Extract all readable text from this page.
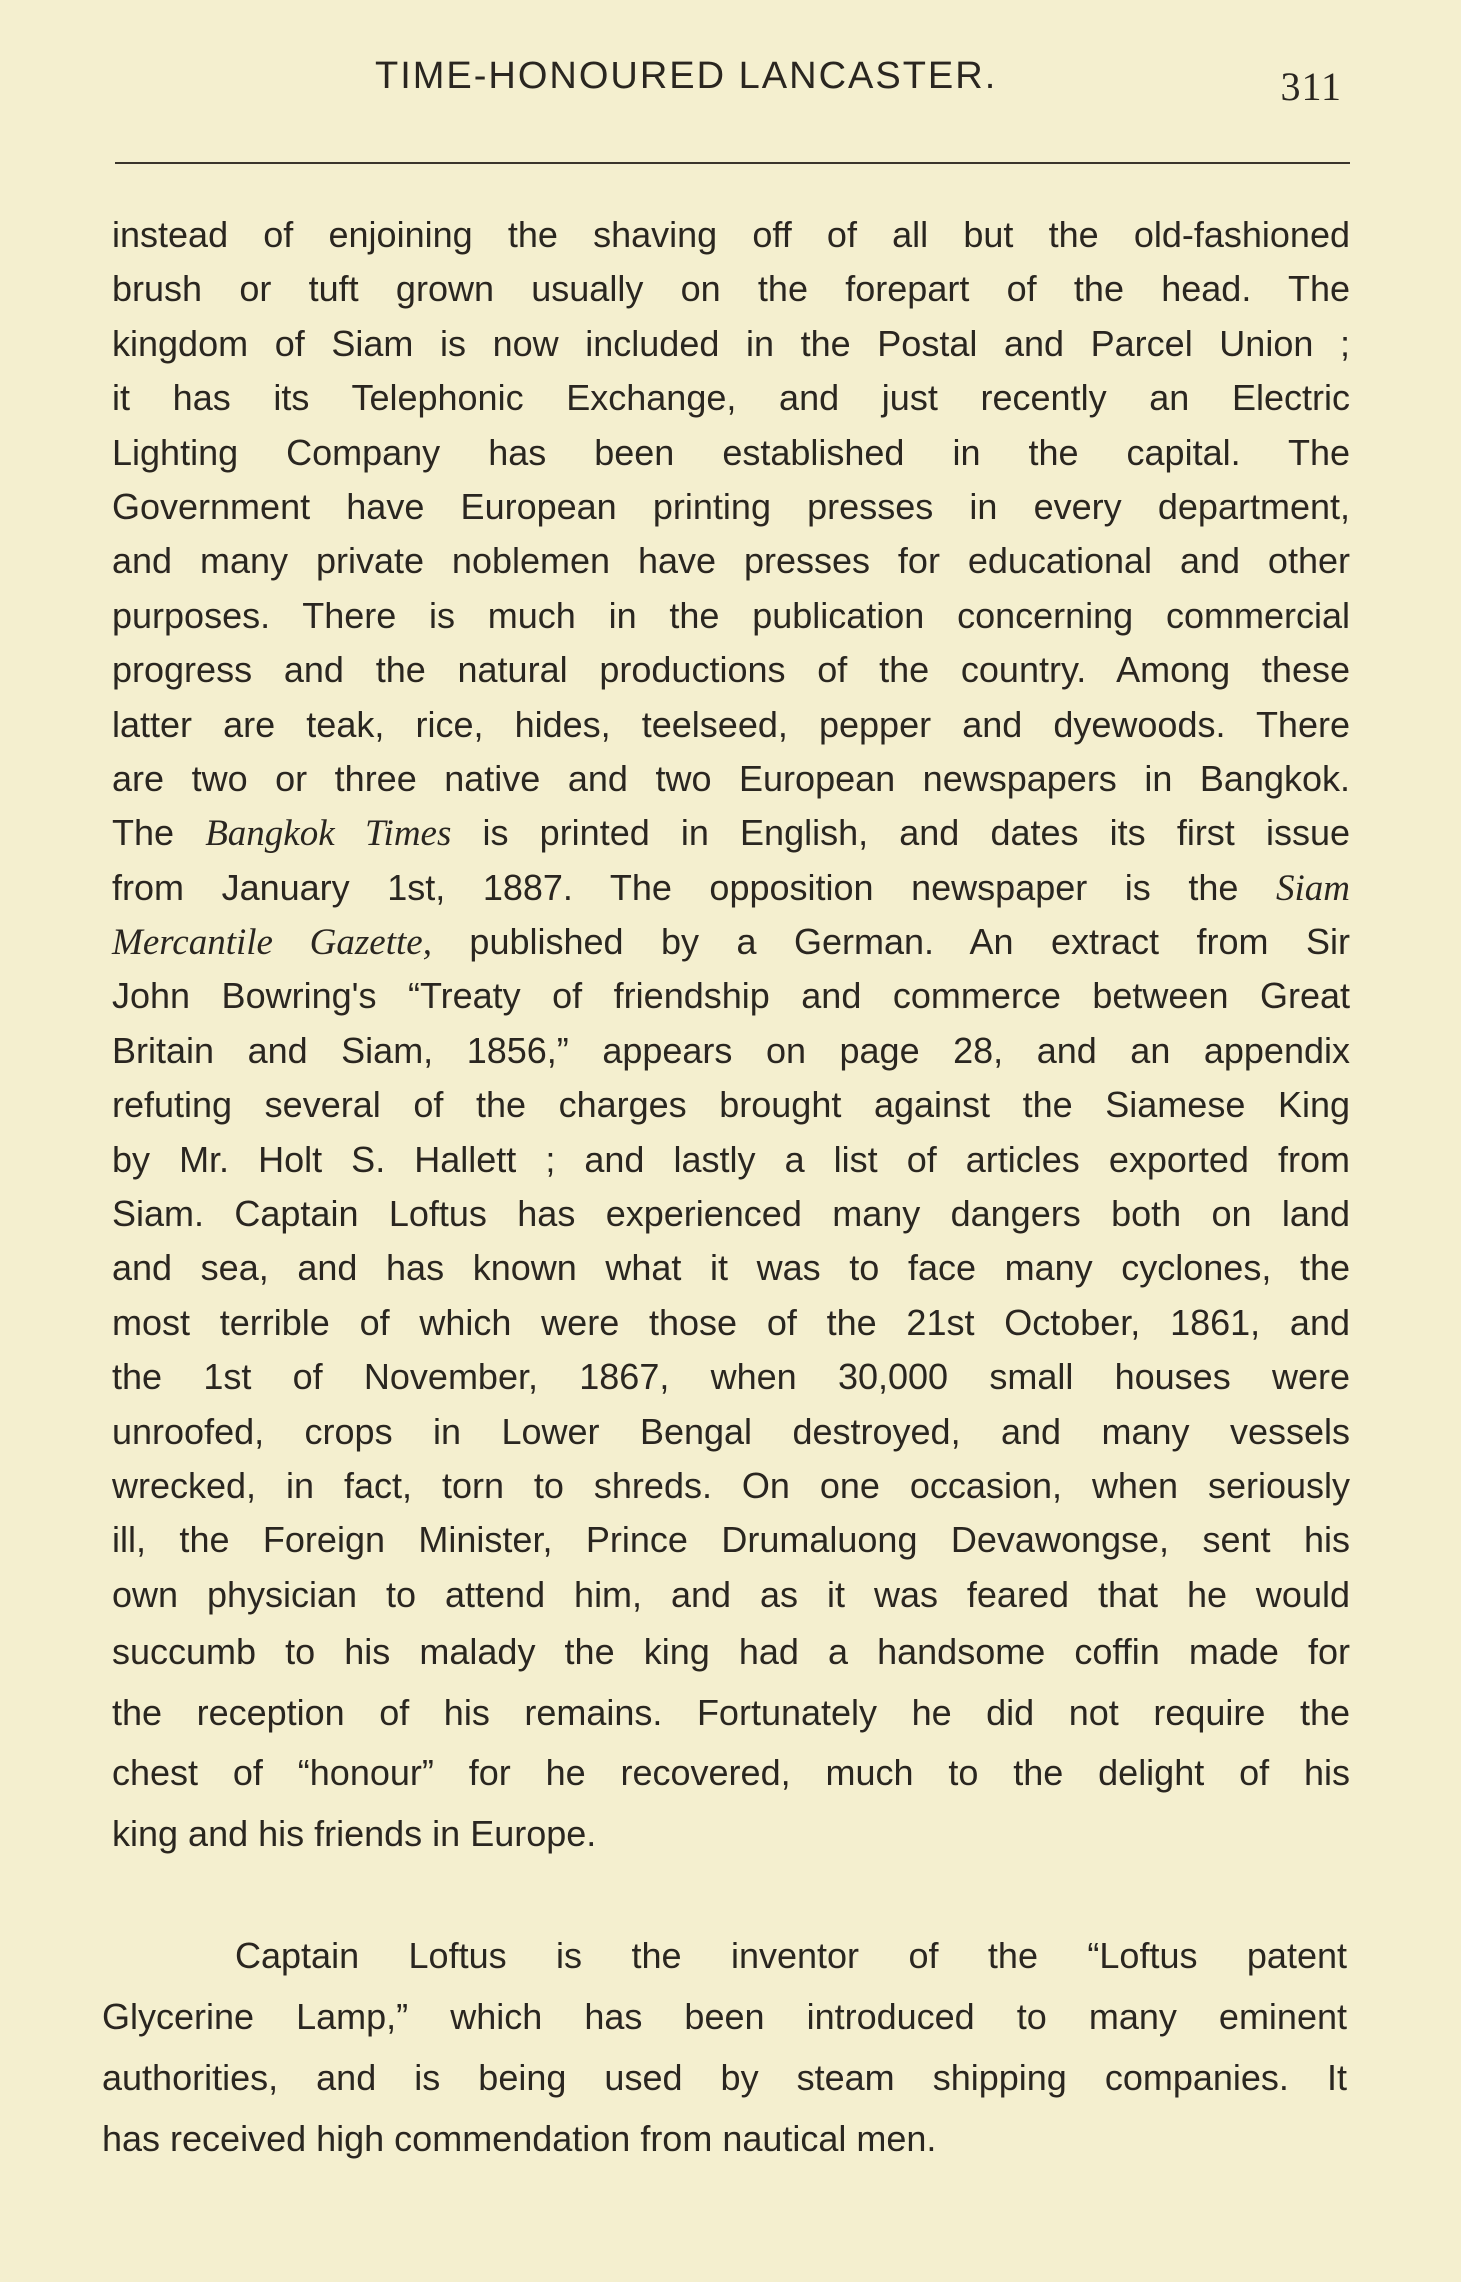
TIME-HONOURED LANCASTER.	311
instead of enjoining the shaving off of all but the old-fashioned
brush or tuft grown usually on the forepart of the head. The
kingdom of Siam is now included in the Postal and Parcel Union ;
it has its Telephonic Exchange, and just recently an Electric
Lighting Company has been established in the capital. The
Government have European printing presses in every department,
and many private noblemen have presses for educational and other
purposes. There is much in the publication concerning commercial
progress and the natural productions of the country. Among these
latter are teak, rice, hides, teelseed, pepper and dyewoods. There
are two or three native and two European newspapers in Bangkok.
The Bangkok Times is printed in English, and dates its first issue
from January 1st, 1887. The opposition newspaper is the Siam
Mercantile Gazette, published by a German. An extract from Sir
John Bowring's “Treaty of friendship and commerce between Great
Britain and Siam, 1856,” appears on page 28, and an appendix
refuting several of the charges brought against the Siamese King
by Mr. Holt S. Hallett ; and lastly a list of articles exported from
Siam. Captain Loftus has experienced many dangers both on land
and sea, and has known what it was to face many cyclones, the
most terrible of which were those of the 21st October, 1861, and
the 1st of November, 1867, when 30,000 small houses were
unroofed, crops in Lower Bengal destroyed, and many vessels
wrecked, in fact, torn to shreds. On one occasion, when seriously
ill, the Foreign Minister, Prince Drumaluong Devawongse, sent his
own physician to attend him, and as it was feared that he would
succumb to his malady the king had a handsome coffin made for
the reception of his remains. Fortunately he did not require the
chest of “honour” for he recovered, much to the delight of his
king and his friends in Europe.
Captain Loftus is the inventor of the “Loftus patent
Glycerine Lamp,” which has been introduced to many eminent
authorities, and is being used by steam shipping companies. It
has received high commendation from nautical men.
